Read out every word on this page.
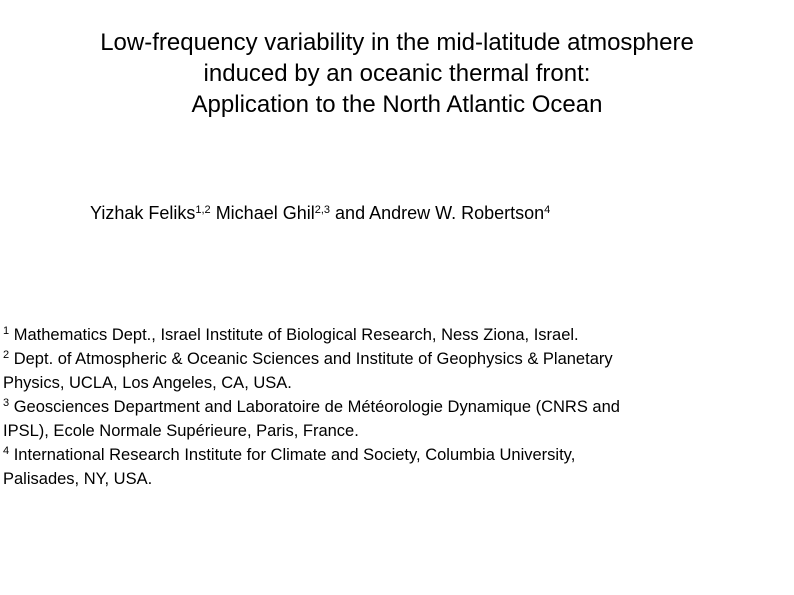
Low-frequency variability in the mid-latitude atmosphere
induced by an oceanic thermal front:
Application to the North Atlantic Ocean
Yizhak Feliks$^{1,2}$ Michael Ghil$^{2,3}$ and Andrew W. Robertson$^4$

$^1$ Mathematics Dept., Israel Institute of Biological Research, Ness Ziona, Israel.

$^2$ Dept. of Atmospheric & Oceanic Sciences and Institute of Geophysics & Planetary
Physics, UCLA, Los Angeles, CA, USA.

$^3$ Geosciences Department and Laboratoire de Météorologie Dynamique (CNRS and
IPSL), Ecole Normale Supérieure, Paris, France.

$^4$ International Research Institute for Climate and Society, Columbia University,
Palisades, NY, USA.
